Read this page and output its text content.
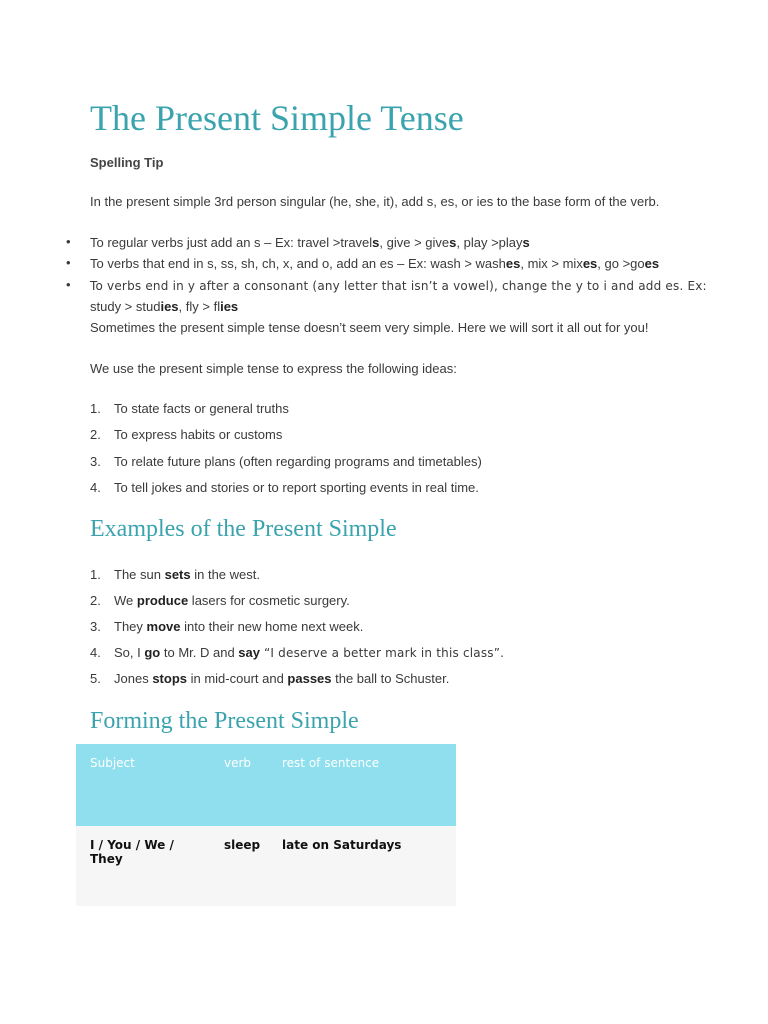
The Present Simple Tense
Spelling Tip
In the present simple 3rd person singular (he, she, it), add s, es, or ies to the base form of the verb.
• To regular verbs just add an s – Ex: travel >travels, give > gives, play >plays
• To verbs that end in s, ss, sh, ch, x, and o, add an es – Ex: wash > washes, mix > mixes, go >goes
• To verbs end in y after a consonant (any letter that isn’t a vowel), change the y to i and add es. Ex:
study > studies, fly > flies
Sometimes the present simple tense doesn’t seem very simple. Here we will sort it all out for you!
We use the present simple tense to express the following ideas:
1. To state facts or general truths
2. To express habits or customs
3. To relate future plans (often regarding programs and timetables)
4. To tell jokes and stories or to report sporting events in real time.
Examples of the Present Simple
1. The sun sets in the west.
2. We produce lasers for cosmetic surgery.
3. They move into their new home next week.
4. So, I go to Mr. D and say “I deserve a better mark in this class”.
5. Jones stops in mid-court and passes the ball to Schuster.
Forming the Present Simple
Subject	verb	rest of sentence
I / You / We / They	sleep	late on Saturdays
